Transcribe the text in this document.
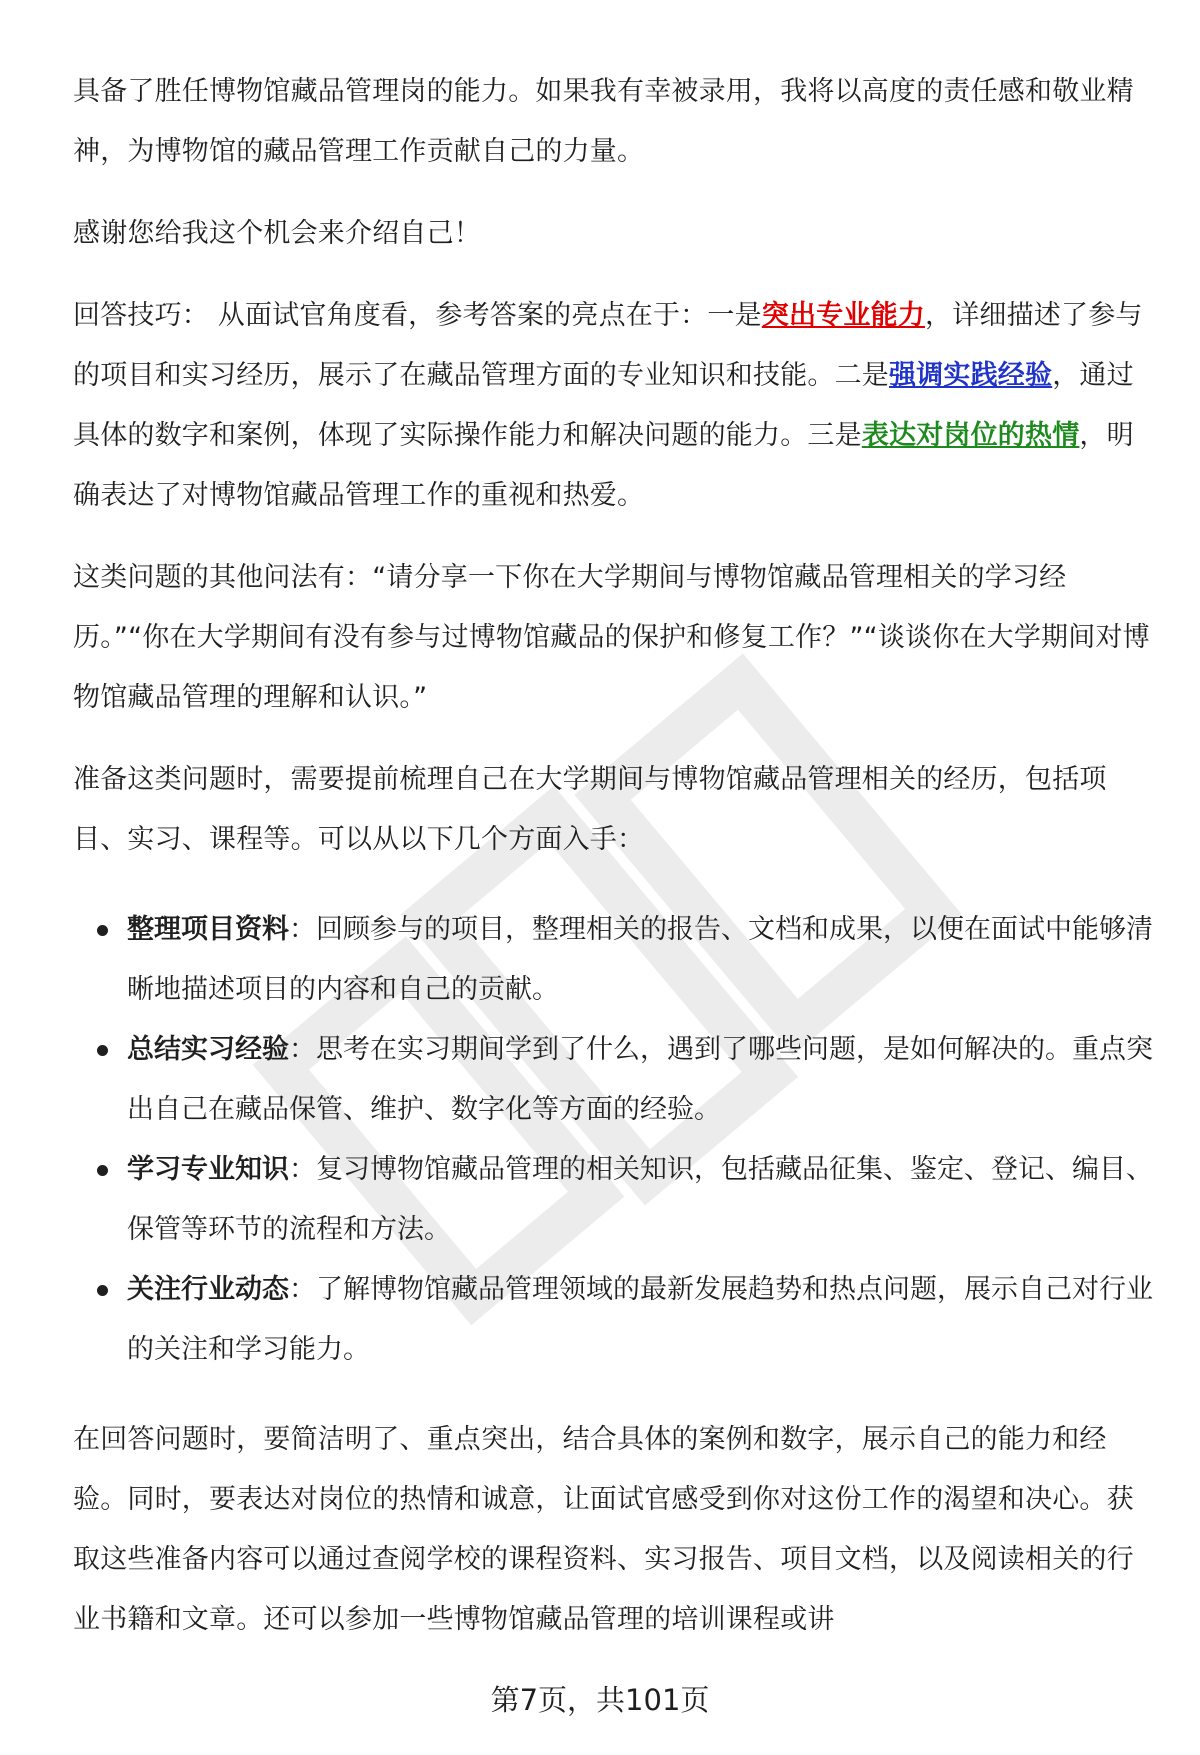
具备了胜任博物馆藏品管理岗的能力。如果我有幸被录用，我将以高度的责任感和敬业精神，为博物馆的藏品管理工作贡献自己的力量。

感谢您给我这个机会来介绍自己！

回答技巧： 从面试官角度看，参考答案的亮点在于：一是突出专业能力，详细描述了参与的项目和实习经历，展示了在藏品管理方面的专业知识和技能。二是强调实践经验，通过具体的数字和案例，体现了实际操作能力和解决问题的能力。三是表达对岗位的热情，明确表达了对博物馆藏品管理工作的重视和热爱。

这类问题的其他问法有：“请分享一下你在大学期间与博物馆藏品管理相关的学习经历。”“你在大学期间有没有参与过博物馆藏品的保护和修复工作？”“谈谈你在大学期间对博物馆藏品管理的理解和认识。”

准备这类问题时，需要提前梳理自己在大学期间与博物馆藏品管理相关的经历，包括项目、实习、课程等。可以从以下几个方面入手：

整理项目资料：回顾参与的项目，整理相关的报告、文档和成果，以便在面试中能够清晰地描述项目的内容和自己的贡献。
总结实习经验：思考在实习期间学到了什么，遇到了哪些问题，是如何解决的。重点突出自己在藏品保管、维护、数字化等方面的经验。
学习专业知识：复习博物馆藏品管理的相关知识，包括藏品征集、鉴定、登记、编目、保管等环节的流程和方法。
关注行业动态：了解博物馆藏品管理领域的最新发展趋势和热点问题，展示自己对行业的关注和学习能力。

在回答问题时，要简洁明了、重点突出，结合具体的案例和数字，展示自己的能力和经验。同时，要表达对岗位的热情和诚意，让面试官感受到你对这份工作的渴望和决心。获取这些准备内容可以通过查阅学校的课程资料、实习报告、项目文档，以及阅读相关的行业书籍和文章。还可以参加一些博物馆藏品管理的培训课程或讲

第7页，共101页
